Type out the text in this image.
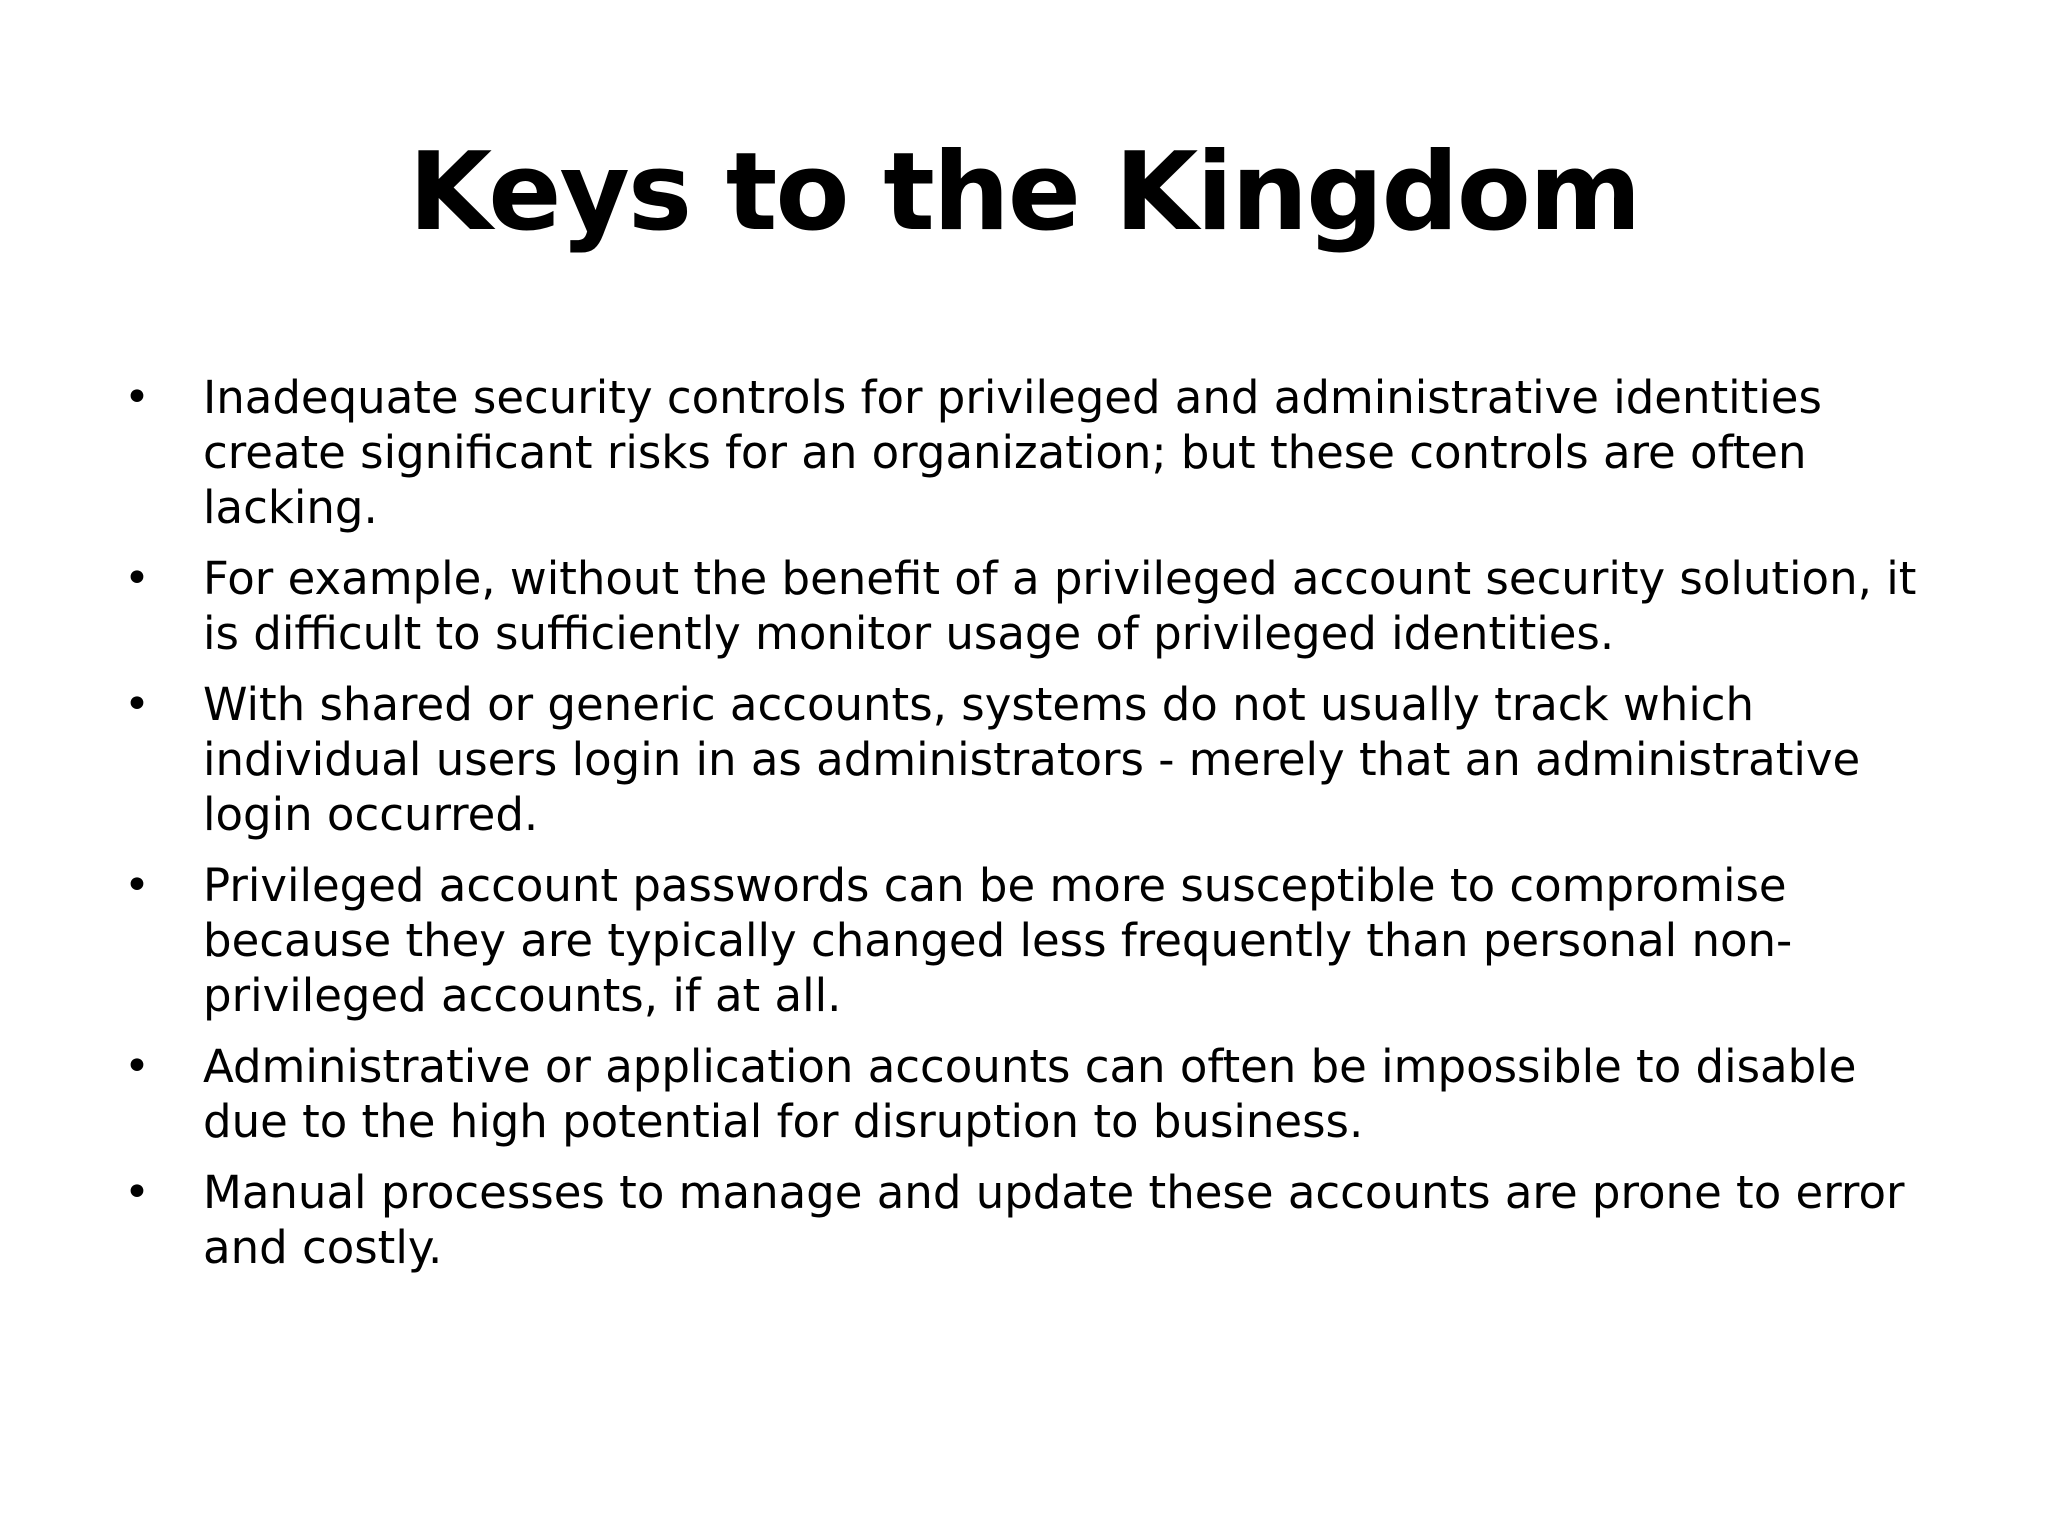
Keys to the Kingdom
• Inadequate security controls for privileged and administrative identities create significant risks for an organization; but these controls are often lacking.
• For example, without the benefit of a privileged account security solution, it is difficult to sufficiently monitor usage of privileged identities.
• With shared or generic accounts, systems do not usually track which individual users login in as administrators - merely that an administrative login occurred.
• Privileged account passwords can be more susceptible to compromise because they are typically changed less frequently than personal non-privileged accounts, if at all.
• Administrative or application accounts can often be impossible to disable due to the high potential for disruption to business.
• Manual processes to manage and update these accounts are prone to error and costly.
